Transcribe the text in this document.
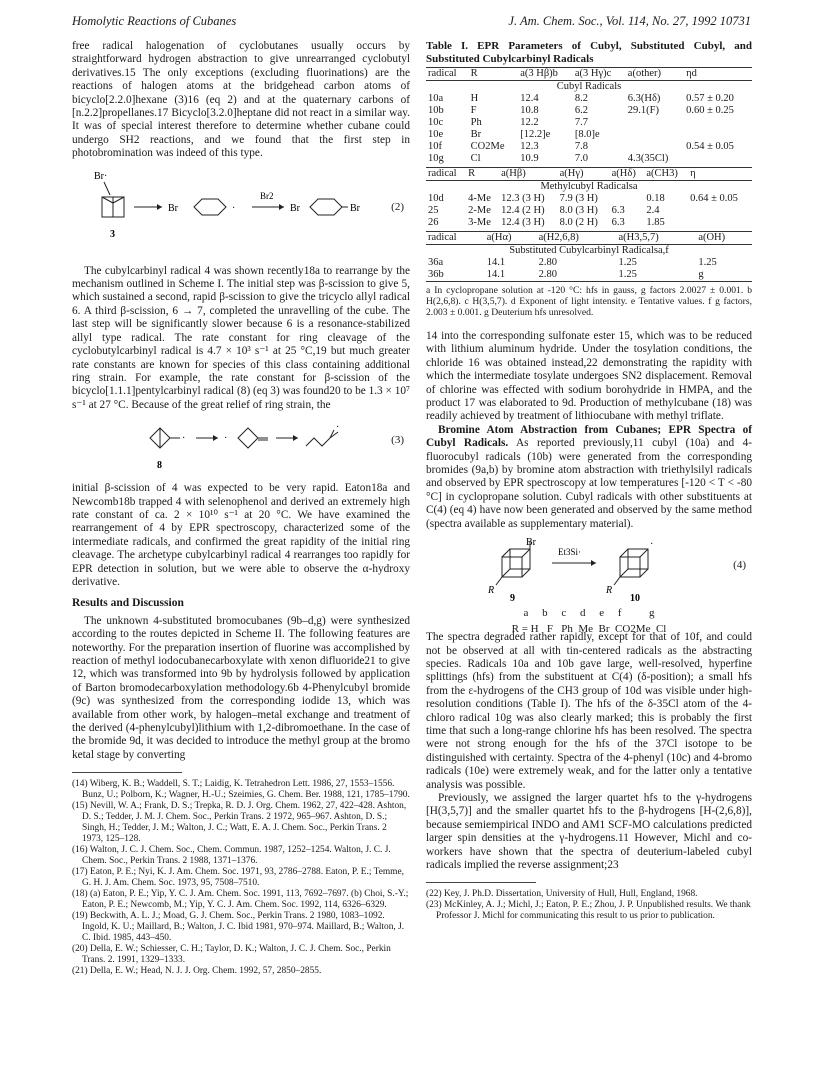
Homolytic Reactions of Cubanes	J. Am. Chem. Soc., Vol. 114, No. 27, 1992 10731

free radical halogenation of cyclobutanes usually occurs by straightforward hydrogen abstraction to give unrearranged cyclobutyl derivatives.15 The only exceptions (excluding fluorinations) are the reactions of halogen atoms at the bridgehead carbon atoms of bicyclo[2.2.0]hexane (3)16 (eq 2) and at the quaternary carbons of [n.2.2]propellanes.17 Bicyclo[3.2.0]heptane did not react in a similar way. It was of special interest therefore to determine whether cubane could undergo SH2 reactions, and we found that the first step in photobromination was indeed of this type.

Br·
3
Br	·
Br2
Br	Br	(2)

The cubylcarbinyl radical 4 was shown recently18a to rearrange by the mechanism outlined in Scheme I. The initial step was β-scission to give 5, which sustained a second, rapid β-scission to give the tricyclo allyl radical 6. A third β-scission, 6 → 7, completed the unravelling of the cube. The last step will be significantly slower because 6 is a resonance-stabilized allyl type radical. The rate constant for ring cleavage of the cyclobutylcarbinyl radical is 4.7 × 10³ s⁻¹ at 25 °C,19 but much greater rate constants are known for species of this class containing additional ring strain. For example, the rate constant for β-scission of the bicyclo[1.1.1]pentylcarbinyl radical (8) (eq 3) was found20 to be 1.3 × 10⁷ s⁻¹ at 27 °C. Because of the great relief of ring strain, the

·	·
·
8
(3)

initial β-scission of 4 was expected to be very rapid. Eaton18a and Newcomb18b trapped 4 with selenophenol and derived an extremely high rate constant of ca. 2 × 10¹⁰ s⁻¹ at 20 °C. We have examined the rearrangement of 4 by EPR spectroscopy, characterized some of the intermediate radicals, and confirmed the great rapidity of the initial ring cleavage. The archetype cubylcarbinyl radical 4 rearranges too rapidly for EPR detection in solution, but we were able to observe the α-hydroxy derivative.

Results and Discussion

The unknown 4-substituted bromocubanes (9b–d,g) were synthesized according to the routes depicted in Scheme II. The following features are noteworthy. For the preparation insertion of fluorine was accomplished by reaction of methyl iodocubanecarboxylate with xenon difluoride21 to give 12, which was transformed into 9b by hydrolysis followed by application of Barton bromodecarboxylation methodology.6b 4-Phenylcubyl bromide (9c) was synthesized from the corresponding iodide 13, which was available from other work, by halogen–metal exchange and treatment of the derived (4-phenylcubyl)lithium with 1,2-dibromoethane. In the case of the bromide 9d, it was decided to introduce the methyl group at the bromo ketal stage by converting

(14) Wiberg, K. B.; Waddell, S. T.; Laidig, K. Tetrahedron Lett. 1986, 27, 1553–1556. Bunz, U.; Polborn, K.; Wagner, H.-U.; Szeimies, G. Chem. Ber. 1988, 121, 1785–1790.

(15) Nevill, W. A.; Frank, D. S.; Trepka, R. D. J. Org. Chem. 1962, 27, 422–428. Ashton, D. S.; Tedder, J. M. J. Chem. Soc., Perkin Trans. 2 1972, 965–967. Ashton, D. S.; Singh, H.; Tedder, J. M.; Walton, J. C.; Watt, E. A. J. Chem. Soc., Perkin Trans. 2 1973, 125–128.

(16) Walton, J. C. J. Chem. Soc., Chem. Commun. 1987, 1252–1254. Walton, J. C. J. Chem. Soc., Perkin Trans. 2 1988, 1371–1376.

(17) Eaton, P. E.; Nyi, K. J. Am. Chem. Soc. 1971, 93, 2786–2788. Eaton, P. E.; Temme, G. H. J. Am. Chem. Soc. 1973, 95, 7508–7510.

(18) (a) Eaton, P. E.; Yip, Y. C. J. Am. Chem. Soc. 1991, 113, 7692–7697. (b) Choi, S.-Y.; Eaton, P. E.; Newcomb, M.; Yip, Y. C. J. Am. Chem. Soc. 1992, 114, 6326–6329.

(19) Beckwith, A. L. J.; Moad, G. J. Chem. Soc., Perkin Trans. 2 1980, 1083–1092. Ingold, K. U.; Maillard, B.; Walton, J. C. Ibid 1981, 970–974. Maillard, B.; Walton, J. C. Ibid. 1985, 443–450.

(20) Della, E. W.; Schiesser, C. H.; Taylor, D. K.; Walton, J. C. J. Chem. Soc., Perkin Trans. 2. 1991, 1329–1333.

(21) Della, E. W.; Head, N. J. J. Org. Chem. 1992, 57, 2850–2855.

Table I. EPR Parameters of Cubyl, Substituted Cubyl, and Substituted Cubylcarbinyl Radicals
radical	R	a(3 Hβ)b	a(3 Hγ)c	a(other)	ηd
Cubyl Radicals					
10a	H	12.4	8.2	6.3(Hδ)	0.57 ± 0.20
10b	F	10.8	6.2	29.1(F)	0.60 ± 0.25
10c	Ph	12.2	7.7		
10e	Br	[12.2]e	[8.0]e		
10f	CO2Me	12.3	7.8		0.54 ± 0.05
10g	Cl	10.9	7.0	4.3(35Cl)	
radical	R	a(Hβ)	a(Hγ)	a(Hδ)	a(CH3)	η
Methylcubyl Radicalsa						
10d	4-Me	12.3 (3 H)	7.9 (3 H)		0.18	0.64 ± 0.05
25	2-Me	12.4 (2 H)	8.0 (3 H)	6.3	2.4	
26	3-Me	12.4 (3 H)	8.0 (2 H)	6.3	1.85	
radical	a(Hα)	a(H2,6,8)	a(H3,5,7)	a(OH)
Substituted Cubylcarbinyl Radicalsa,f				
36a	14.1	2.80	1.25	1.25
36b	14.1	2.80	1.25	g
a In cyclopropane solution at -120 °C: hfs in gauss, g factors 2.0027 ± 0.001. b H(2,6,8). c H(3,5,7). d Exponent of light intensity. e Tentative values. f g factors, 2.003 ± 0.001. g Deuterium hfs unresolved.

14 into the corresponding sulfonate ester 15, which was to be reduced with lithium aluminum hydride. Under the tosylation conditions, the chloride 16 was obtained instead,22 demonstrating the rapidity with which the intermediate tosylate undergoes SN2 displacement. Removal of chlorine was effected with sodium borohydride in HMPA, and the product 17 was elaborated to 9d. Production of methylcubane (18) was readily achieved by treatment of lithiocubane with methyl triflate.

Bromine Atom Abstraction from Cubanes; EPR Spectra of Cubyl Radicals. As reported previously,11 cubyl (10a) and 4-fluorocubyl radicals (10b) were generated from the corresponding bromides (9a,b) by bromine atom abstraction with triethylsilyl radicals and observed by EPR spectroscopy at low temperatures [-120 < T < -80 °C] in cyclopropane solution. Cubyl radicals with other substituents at C(4) (eq 4) have now been generated and observed by the same method (spectra available as supplementary material).

Br
R
9
Et3Si·
·
R
10
(4)
a     b     c     d     e     f          g
R = H   F   Ph  Me  Br  CO2Me  Cl

The spectra degraded rather rapidly, except for that of 10f, and could not be observed at all with tin-centered radicals as the abstracting species. Radicals 10a and 10b gave large, well-resolved, hyperfine splittings (hfs) from the substituent at C(4) (δ-position); a small hfs from the ε-hydrogens of the CH3 group of 10d was visible under high-resolution conditions (Table I). The hfs of the δ-35Cl atom of the 4-chloro radical 10g was also clearly marked; this is probably the first time that such a long-range chlorine hfs has been resolved. The spectra were not strong enough for the hfs of the 37Cl isotope to be distinguished with certainty. Spectra of the 4-phenyl (10c) and 4-bromo radicals (10e) were extremely weak, and for the latter only a tentative analysis was possible.

Previously, we assigned the larger quartet hfs to the γ-hydrogens [H(3,5,7)] and the smaller quartet hfs to the β-hydrogens [H-(2,6,8)], because semiempirical INDO and AM1 SCF-MO calculations predicted larger spin densities at the γ-hydrogens.11 However, Michl and co-workers have shown that the spectra of deuterium-labeled cubyl radicals implied the reverse assignment;23

(22) Key, J. Ph.D. Dissertation, University of Hull, Hull, England, 1968.

(23) McKinley, A. J.; Michl, J.; Eaton, P. E.; Zhou, J. P. Unpublished results. We thank Professor J. Michl for communicating this result to us prior to publication.
